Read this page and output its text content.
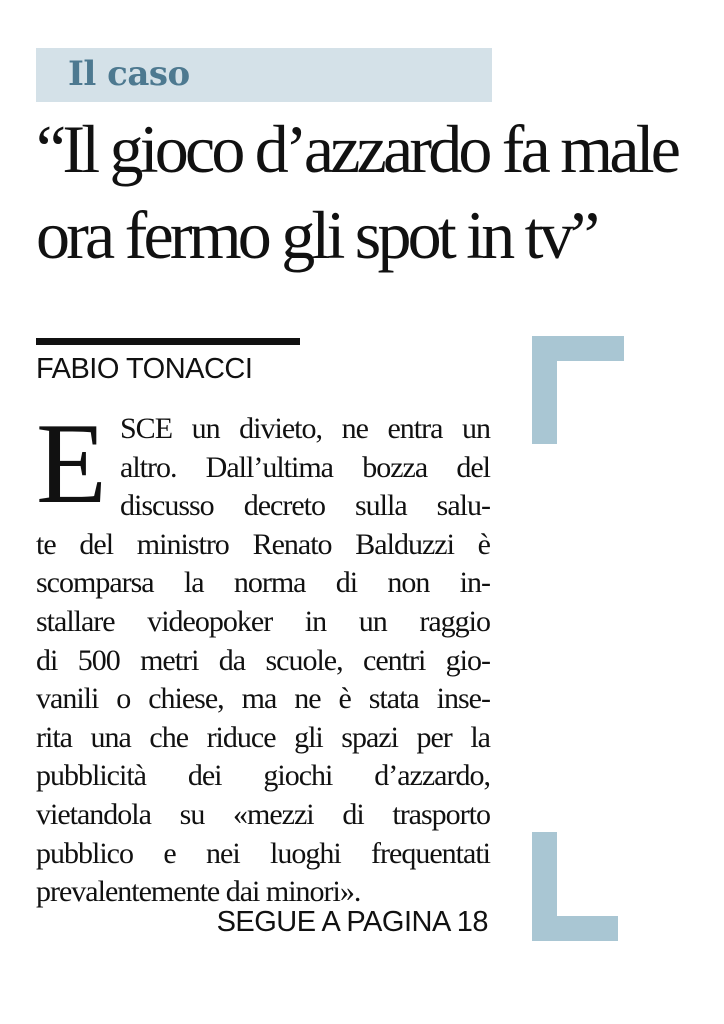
Il caso
“Il gioco d’azzardo fa male
ora fermo gli spot in tv”
FABIO TONACCI
E SCE un divieto, ne entra un
altro. Dall’ultima bozza del
discusso decreto sulla salu-
te del ministro Renato Balduzzi è
scomparsa la norma di non in-
stallare videopoker in un raggio
di 500 metri da scuole, centri gio-
vanili o chiese, ma ne è stata inse-
rita una che riduce gli spazi per la
pubblicità dei giochi d’azzardo,
vietandola su «mezzi di trasporto
pubblico e nei luoghi frequentati
prevalentemente dai minori».
SEGUE A PAGINA 18
